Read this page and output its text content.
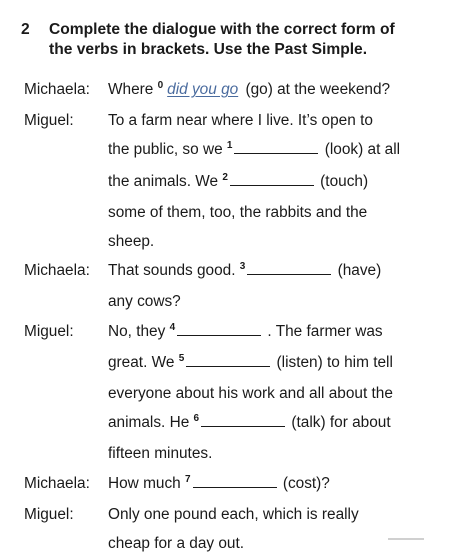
2 Complete the dialogue with the correct form of
the verbs in brackets. Use the Past Simple.
Michaela: Where $^0$ did you go (go) at the weekend?
Miguel: To a farm near where I live. It’s open to
the public, so we $^1$	(look) at all
the animals. We $^2$	(touch)
some of them, too, the rabbits and the
sheep.
Michaela: That sounds good. $^3$	(have)
any cows?
Miguel: No, they $^4$	. The farmer was
great. We $^5$	(listen) to him tell
everyone about his work and all about the
animals. He $^6$	(talk) for about
fifteen minutes.
Michaela: How much $^7$	(cost)?
Miguel: Only one pound each, which is really
cheap for a day out.
